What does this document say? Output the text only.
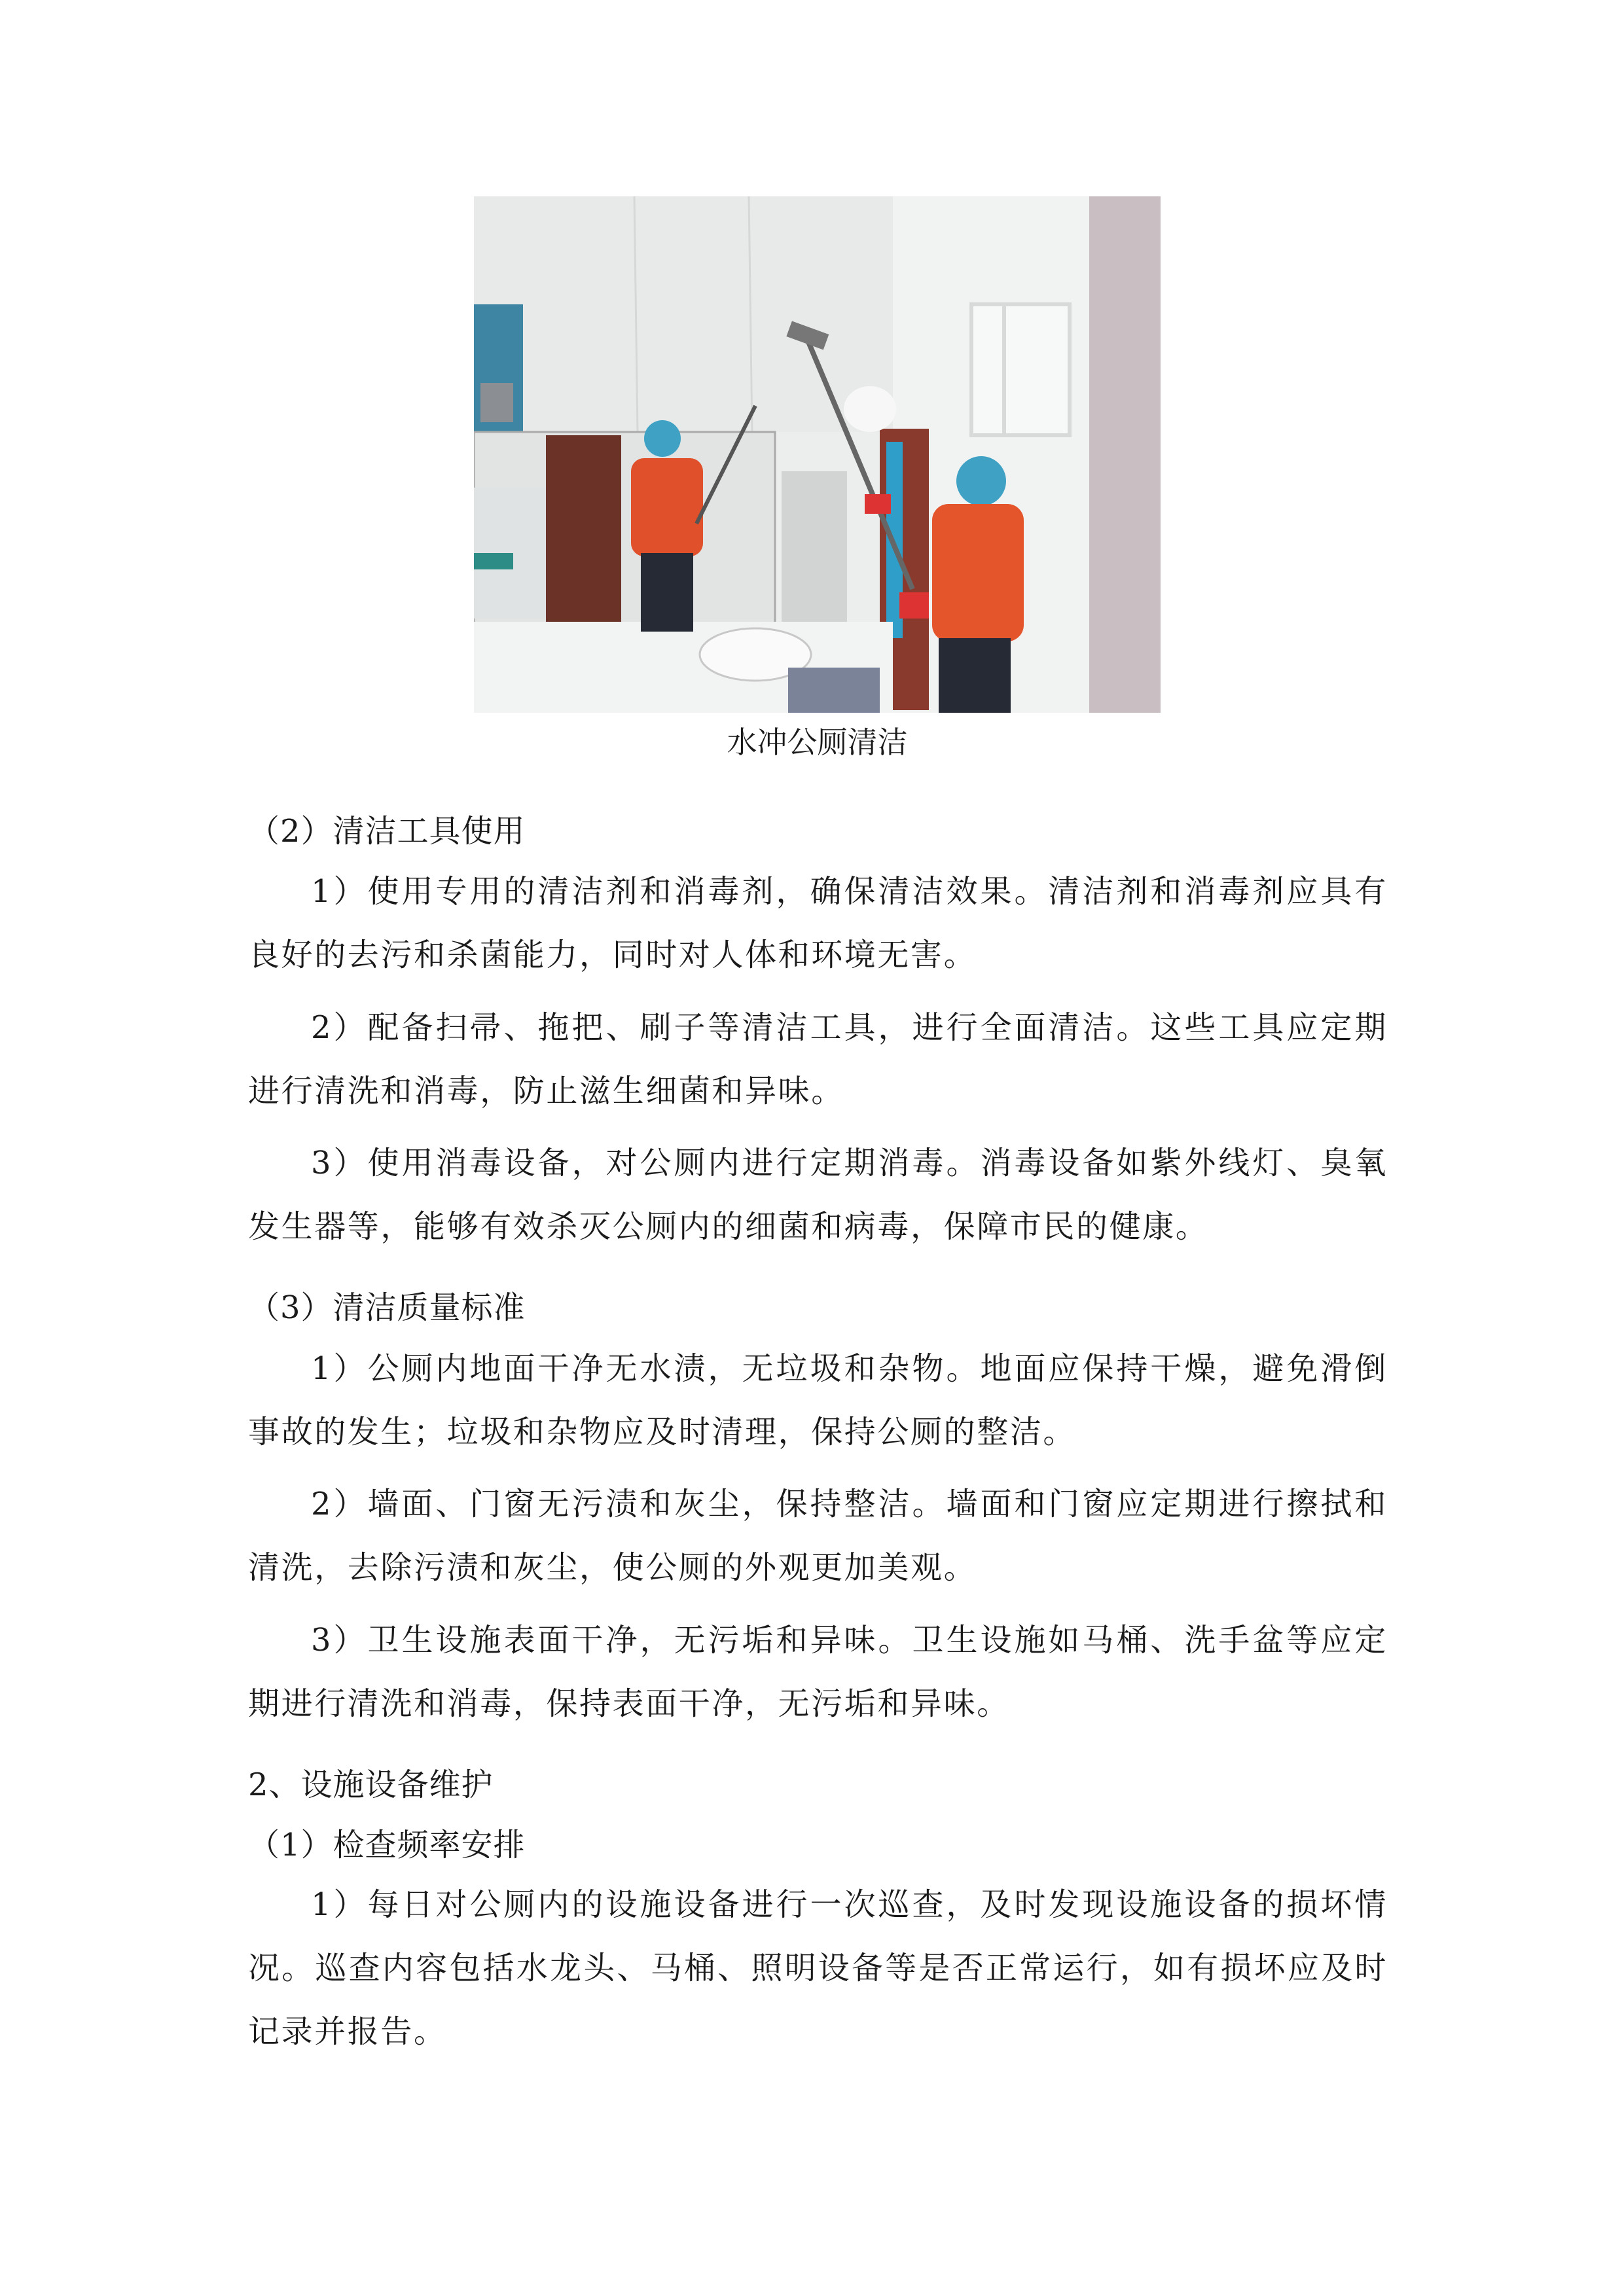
水冲公厕清洁
（2）清洁工具使用
1）使用专用的清洁剂和消毒剂，确保清洁效果。清洁剂和消毒剂应具有良好的去污和杀菌能力，同时对人体和环境无害。
2）配备扫帚、拖把、刷子等清洁工具，进行全面清洁。这些工具应定期进行清洗和消毒，防止滋生细菌和异味。
3）使用消毒设备，对公厕内进行定期消毒。消毒设备如紫外线灯、臭氧发生器等，能够有效杀灭公厕内的细菌和病毒，保障市民的健康。
（3）清洁质量标准
1）公厕内地面干净无水渍，无垃圾和杂物。地面应保持干燥，避免滑倒事故的发生；垃圾和杂物应及时清理，保持公厕的整洁。
2）墙面、门窗无污渍和灰尘，保持整洁。墙面和门窗应定期进行擦拭和清洗，去除污渍和灰尘，使公厕的外观更加美观。
3）卫生设施表面干净，无污垢和异味。卫生设施如马桶、洗手盆等应定期进行清洗和消毒，保持表面干净，无污垢和异味。
2、设施设备维护
（1）检查频率安排
1）每日对公厕内的设施设备进行一次巡查，及时发现设施设备的损坏情况。巡查内容包括水龙头、马桶、照明设备等是否正常运行，如有损坏应及时记录并报告。
